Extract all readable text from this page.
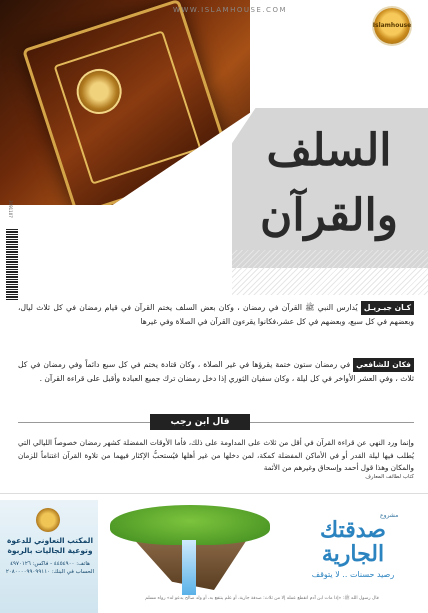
WWW.ISLAMHOUSE.COM
Islamhouse
3091107
السلف
والقرآن
كـان جبـريـل يُدارس النبي ﷺ القرآن في رمضان ، وكان بعض السلف يختم القرآن في قيام رمضان في كل ثلاث ليال، وبعضهم في كل سبع، وبعضهم في كل عشر،فكانوا يقرءون القرآن في الصلاة وفي غيرها
فكان للشافعي في رمضان ستون ختمة يقرؤها في غير الصلاة ، وكان قتادة يختم في كل سبع دائماً وفي رمضان في كل ثلاث ، وفي العشر الأواخر في كل ليلة ، وكان سفيان الثوري إذا دخل رمضان ترك جميع العبادة وأقبل على قراءة القرآن .
قال ابن رجب
وإنما ورد النهي عن قراءة القرآن في أقل من ثلاث على المداومة على ذلك، فأما الأوقات المفضلة كشهر رمضان خصوصاً الليالي التي يُطلب فيها ليلة القدر أو في الأماكن المفضلة كمكة، لمن دخلها من غير أهلها فيُستحبُّ الإكثار فيهما من تلاوة القرآن اغتناماً للزمان والمكان وهذا قول أحمد وإسحاق وغيرهم من الأئمة
كتاب لطائف المعارف
المكتب التعاوني للدعوة وتوعية الجاليات بالربوة
هاتف: ٤٤٥٤٩٠٠ - فاكس: ٤٩٧٠١٢٦
الحساب في البنك: ٢٠٨٠٠٠٠٩٩٠٩٩١١٠
مشروع
صدقتك الجارية
رصيد حسنات .. لا يتوقف
قال رسول الله ﷺ: «إذا مات ابن آدم انقطع عمله إلا من ثلاث: صدقة جارية، أو علم ينتفع به، أو ولد صالح يدعو له» رواه مسلم
